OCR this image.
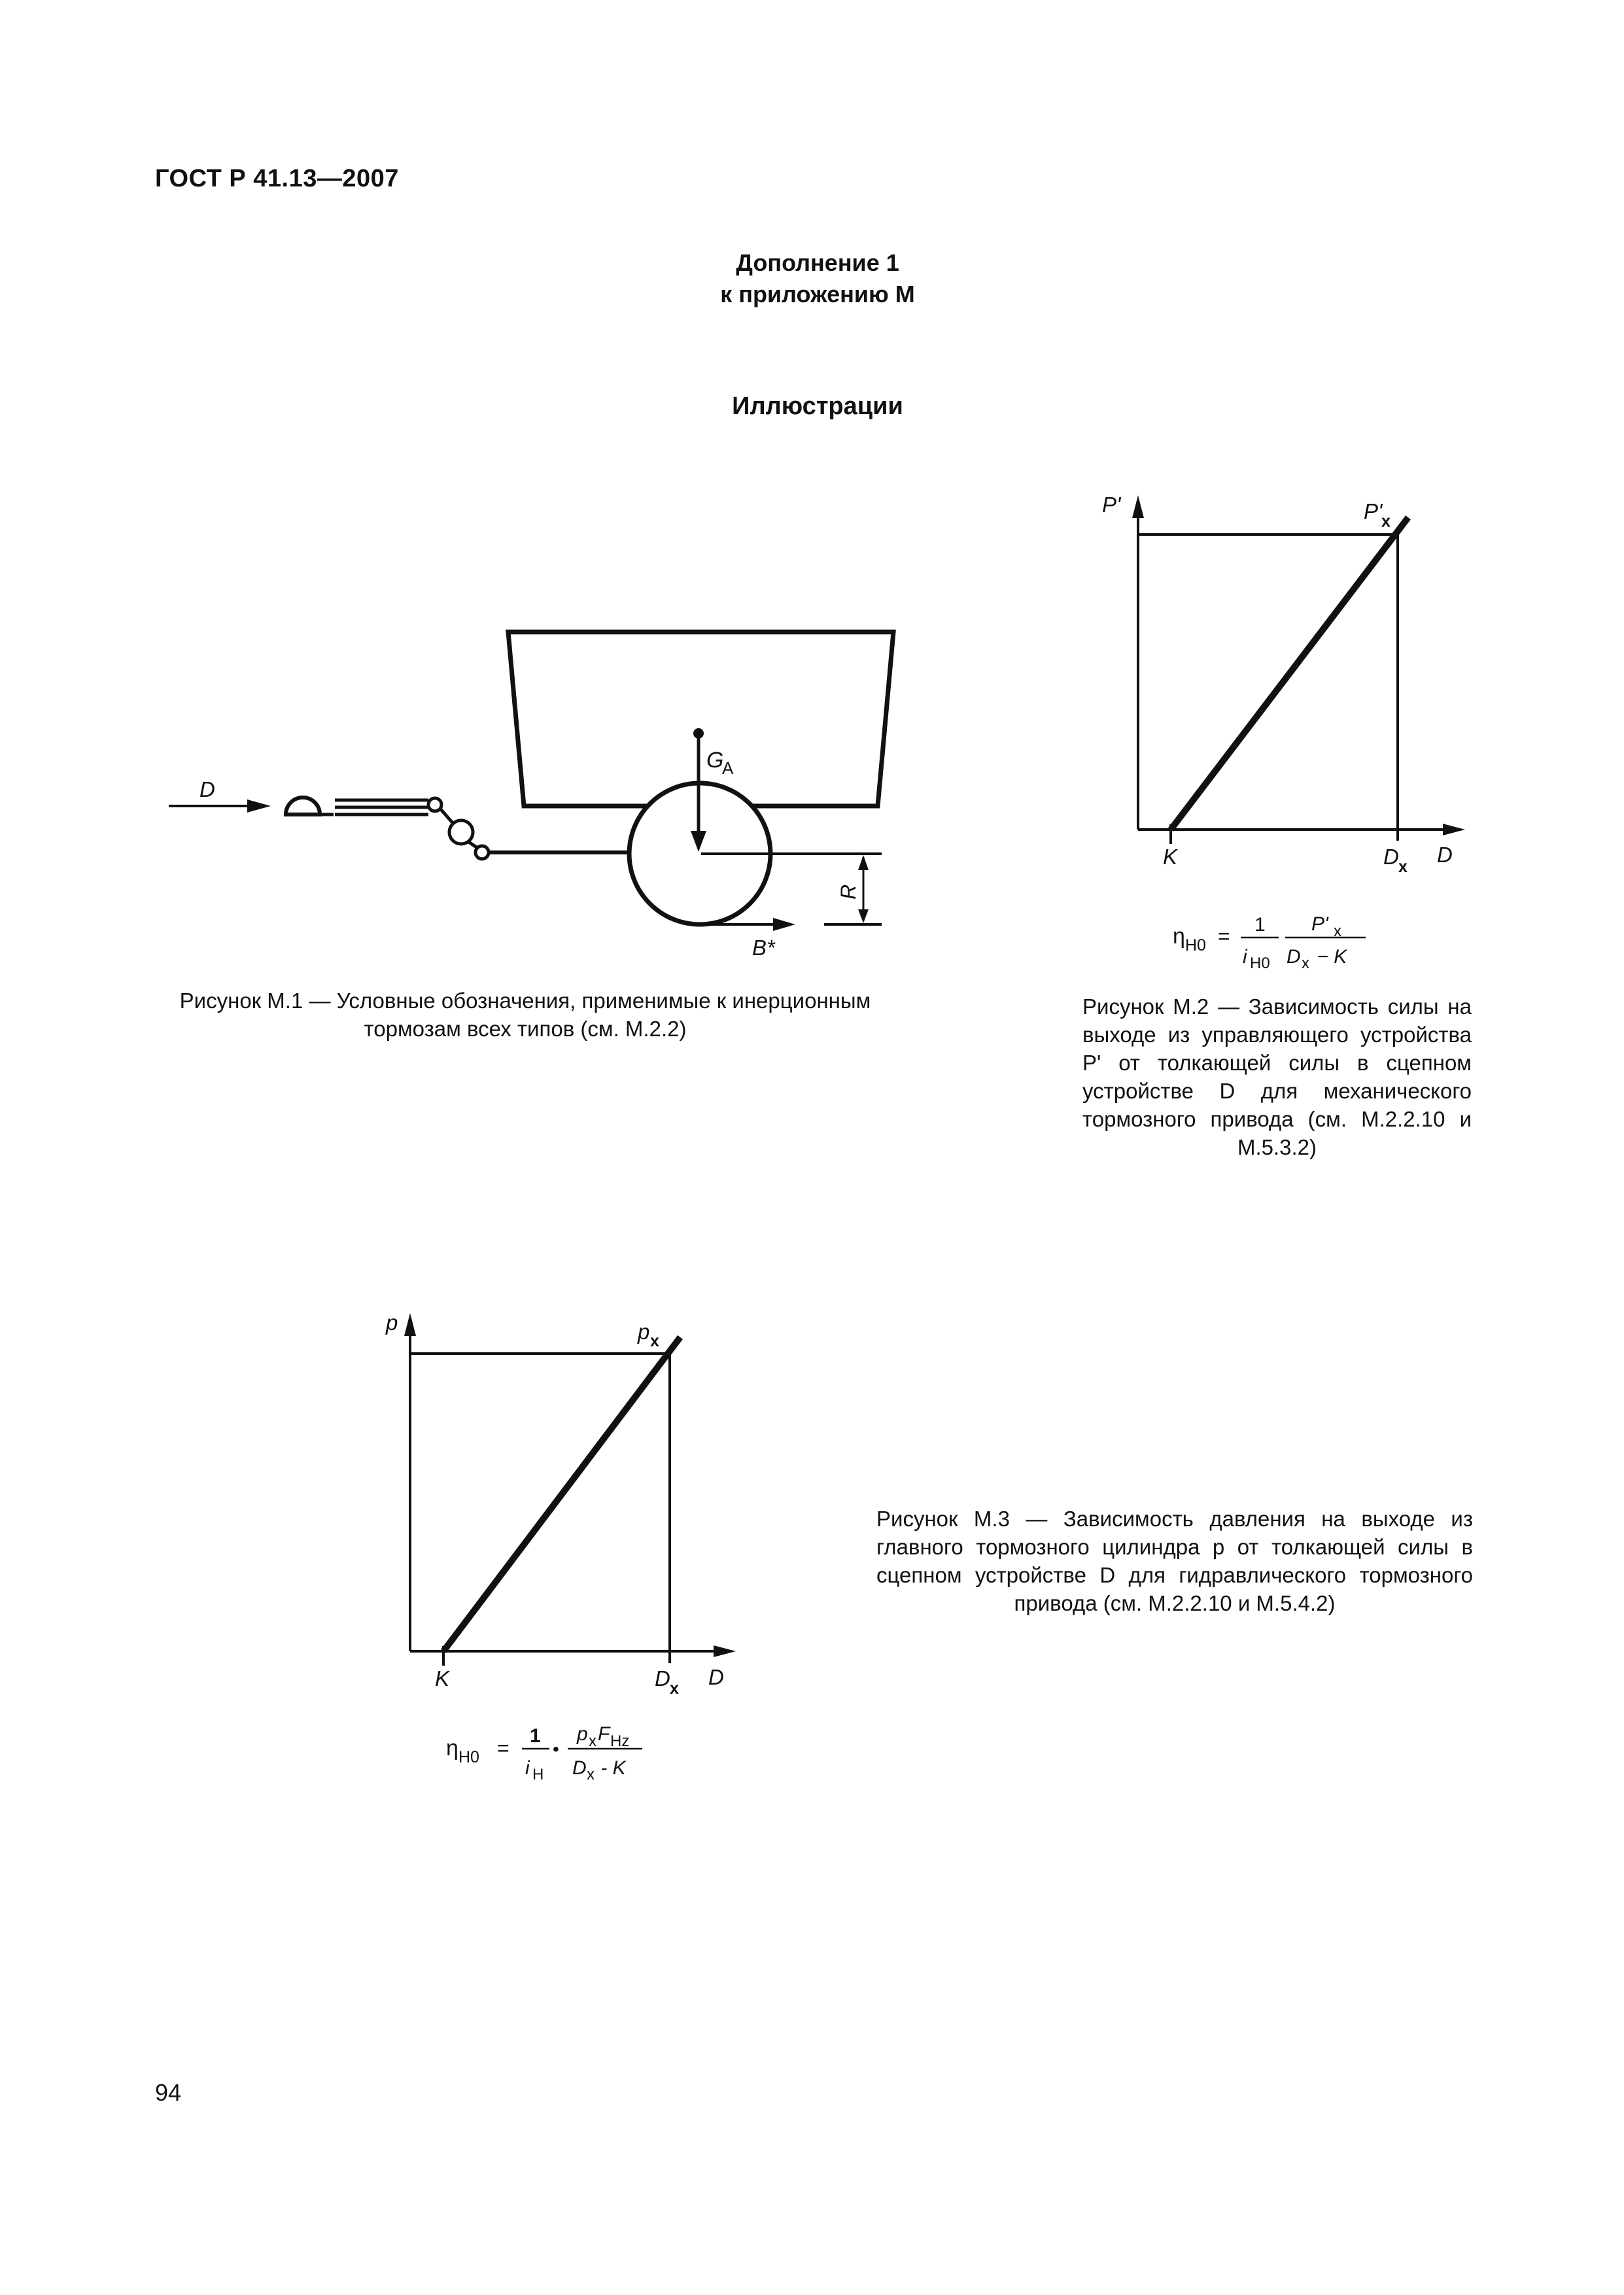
ГОСТ Р 41.13—2007
Дополнение 1
к приложению М
Иллюстрации
D
G
A
R
B*
P'	P'
x
K	D x D
η H0 = 1
i H0
P' x
D x − K
p	p x
K	D x D
η H0 =
1
i H
•
p x F Hz
D x - K
Рисунок М.1 — Условные обозначения, применимые к инерционным тормозам всех типов (см. М.2.2)
Рисунок М.2 — Зависимость силы на выходе из управляющего устройства P' от толкающей силы в сцепном устройстве D для механического тормозного привода (см. М.2.2.10 и М.5.3.2)
Рисунок М.3 — Зависимость давления на выходе из главного тормозного цилиндра p от толкающей силы в сцепном устройстве D для гидравлического тормозного привода (см. М.2.2.10 и М.5.4.2)
94
